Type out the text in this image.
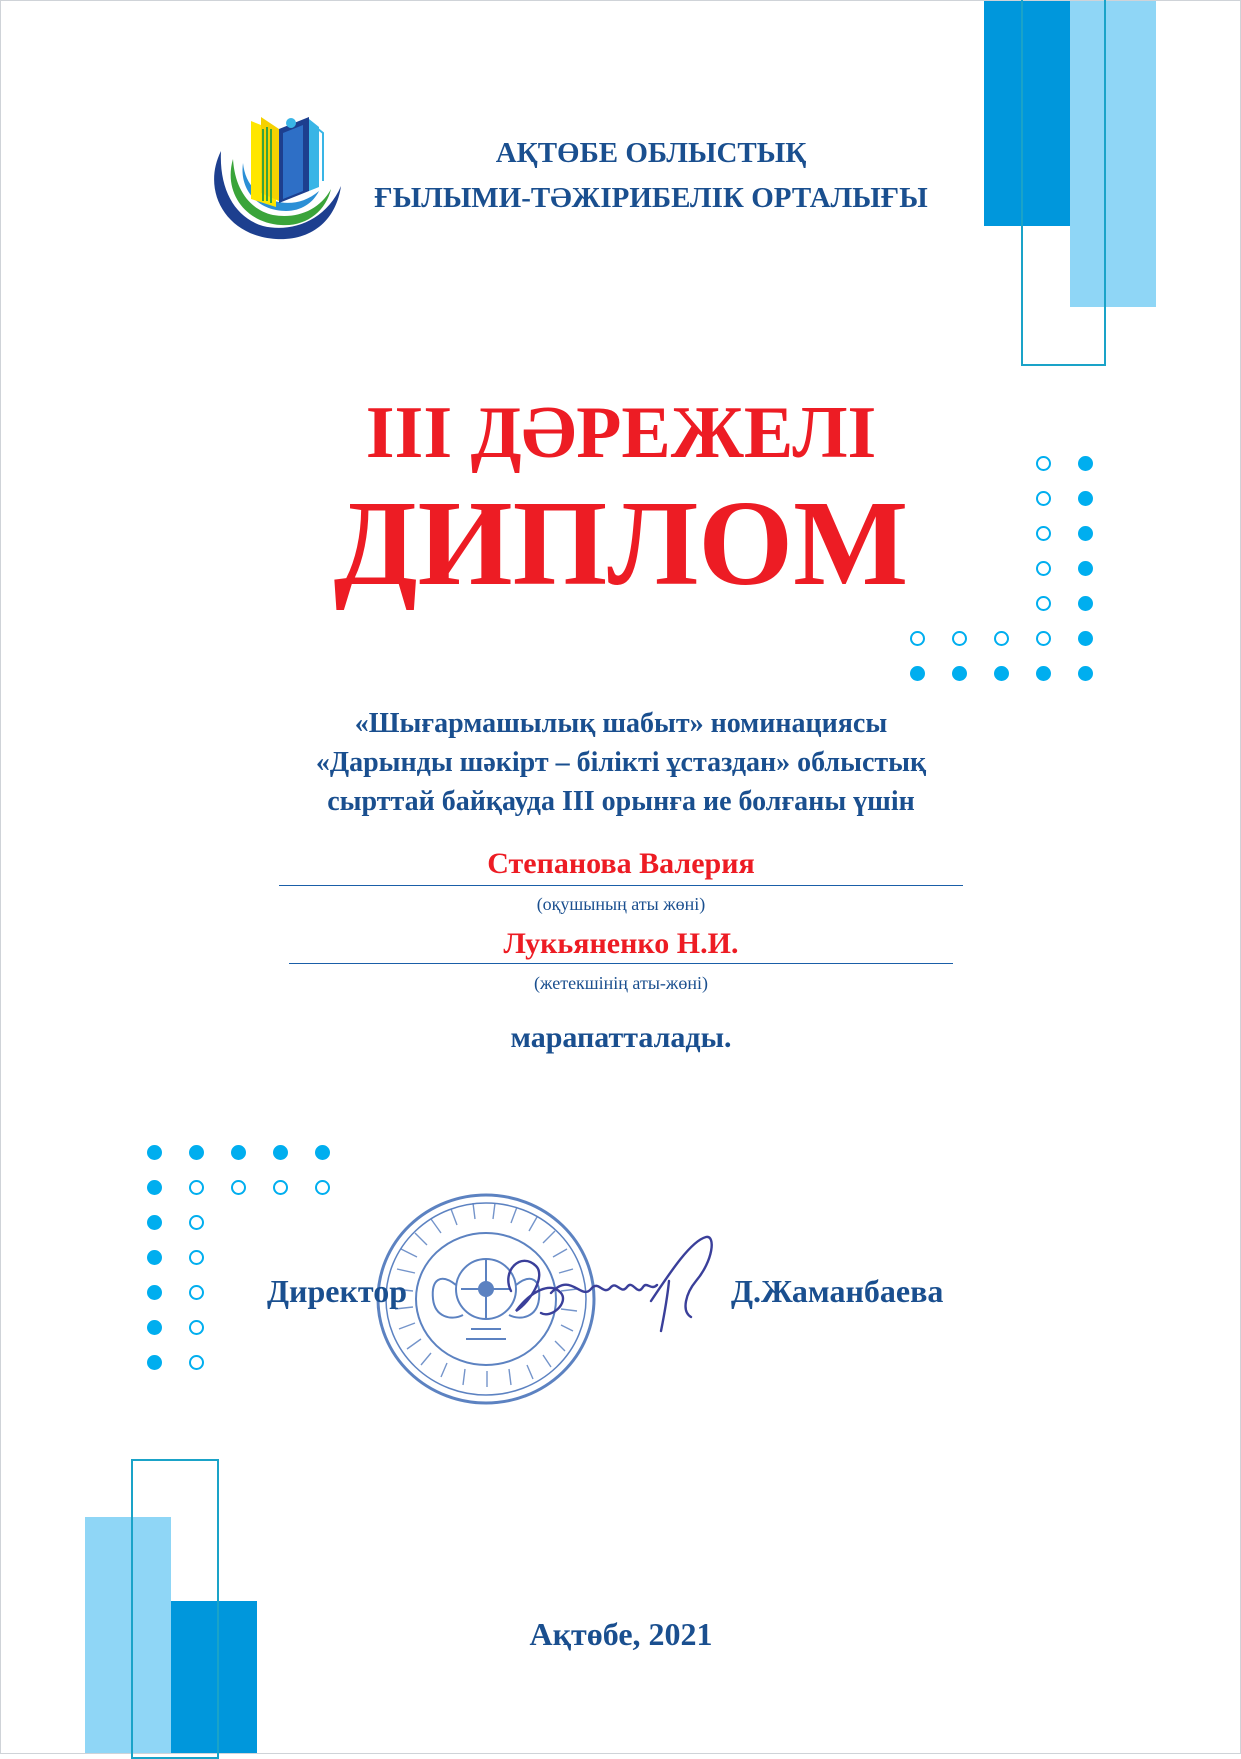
АҚТӨБЕ ОБЛЫСТЫҚ
ҒЫЛЫМИ-ТӘЖІРИБЕЛІК ОРТАЛЫҒЫ
III ДӘРЕЖЕЛІ
ДИПЛОМ
«Шығармашылық шабыт» номинациясы
«Дарынды шәкірт – білікті ұстаздан» облыстық
сырттай байқауда III орынға ие болғаны үшін
Степанова Валерия
(оқушының аты жөні)
Лукьяненко Н.И.
(жетекшінің аты-жөні)
марапатталады.
Директор	Д.Жаманбаева
Ақтөбе, 2021
